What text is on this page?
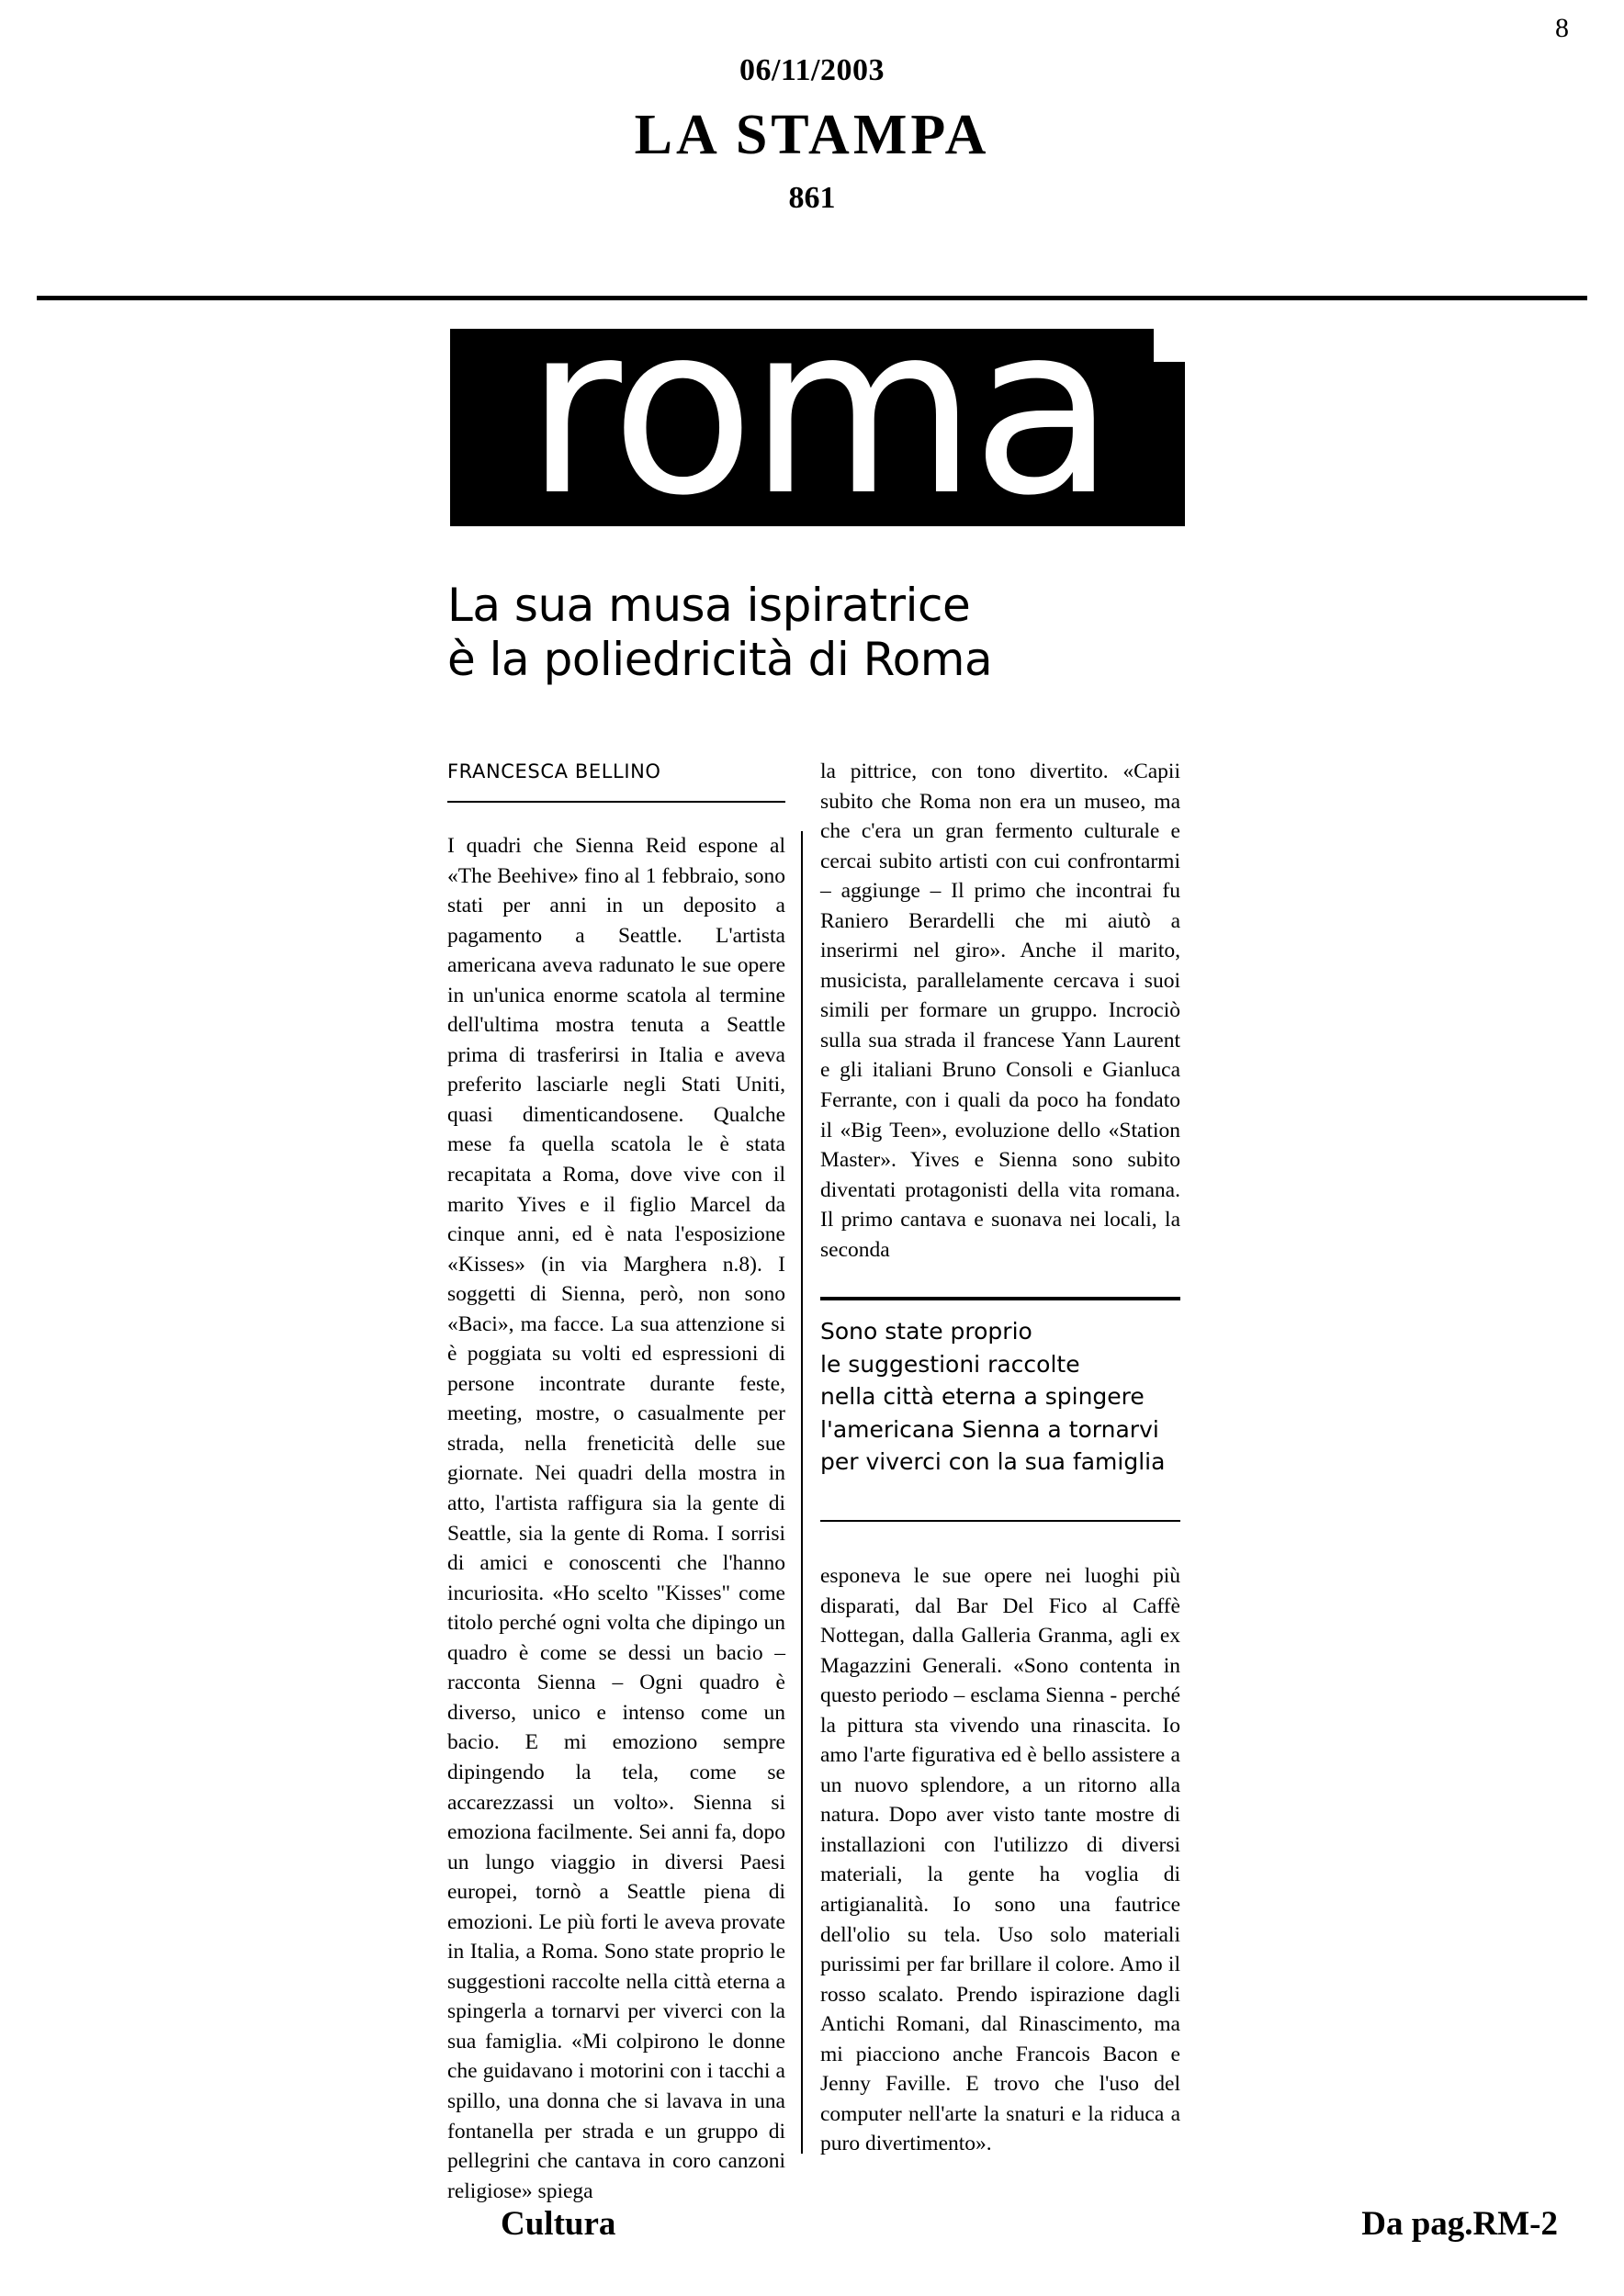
8
06/11/2003
LA STAMPA
861
roma
La sua musa ispiratrice
è la poliedricità di Roma
FRANCESCA BELLINO

I quadri che Sienna Reid espone al «The Beehive» fino al 1 febbraio, sono stati per anni in un deposito a pagamento a Seattle. L'artista americana aveva radunato le sue opere in un'unica enorme scatola al termine dell'ultima mostra tenuta a Seattle prima di trasferirsi in Italia e aveva preferito lasciarle negli Stati Uniti, quasi dimenticandosene. Qualche mese fa quella scatola le è stata recapitata a Roma, dove vive con il marito Yives e il figlio Marcel da cinque anni, ed è nata l'esposizione «Kisses» (in via Marghera n.8). I soggetti di Sienna, però, non sono «Baci», ma facce. La sua attenzione si è poggiata su volti ed espressioni di persone incontrate durante feste, meeting, mostre, o casualmente per strada, nella freneticità delle sue giornate. Nei quadri della mostra in atto, l'artista raffigura sia la gente di Seattle, sia la gente di Roma. I sorrisi di amici e conoscenti che l'hanno incuriosita. «Ho scelto "Kisses" come titolo perché ogni volta che dipingo un quadro è come se dessi un bacio – racconta Sienna – Ogni quadro è diverso, unico e intenso come un bacio. E mi emoziono sempre dipingendo la tela, come se accarezzassi un volto». Sienna si emoziona facilmente. Sei anni fa, dopo un lungo viaggio in diversi Paesi europei, tornò a Seattle piena di emozioni. Le più forti le aveva provate in Italia, a Roma. Sono state proprio le suggestioni raccolte nella città eterna a spingerla a tornarvi per viverci con la sua famiglia. «Mi colpirono le donne che guidavano i motorini con i tacchi a spillo, una donna che si lavava in una fontanella per strada e un gruppo di pellegrini che cantava in coro canzoni religiose» spiega

la pittrice, con tono divertito. «Capii subito che Roma non era un museo, ma che c'era un gran fermento culturale e cercai subito artisti con cui confrontarmi – aggiunge – Il primo che incontrai fu Raniero Berardelli che mi aiutò a inserirmi nel giro». Anche il marito, musicista, parallelamente cercava i suoi simili per formare un gruppo. Incrociò sulla sua strada il francese Yann Laurent e gli italiani Bruno Consoli e Gianluca Ferrante, con i quali da poco ha fondato il «Big Teen», evoluzione dello «Station Master». Yives e Sienna sono subito diventati protagonisti della vita romana. Il primo cantava e suonava nei locali, la seconda

Sono state proprio
le suggestioni raccolte
nella città eterna a spingere
l'americana Sienna a tornarvi
per viverci con la sua famiglia

esponeva le sue opere nei luoghi più disparati, dal Bar Del Fico al Caffè Nottegan, dalla Galleria Granma, agli ex Magazzini Generali. «Sono contenta in questo periodo – esclama Sienna - perché la pittura sta vivendo una rinascita. Io amo l'arte figurativa ed è bello assistere a un nuovo splendore, a un ritorno alla natura. Dopo aver visto tante mostre di installazioni con l'utilizzo di diversi materiali, la gente ha voglia di artigianalità. Io sono una fautrice dell'olio su tela. Uso solo materiali purissimi per far brillare il colore. Amo il rosso scalato. Prendo ispirazione dagli Antichi Romani, dal Rinascimento, ma mi piacciono anche Francois Bacon e Jenny Faville. E trovo che l'uso del computer nell'arte la snaturi e la riduca a puro divertimento».

Cultura	Da pag.RM-2
